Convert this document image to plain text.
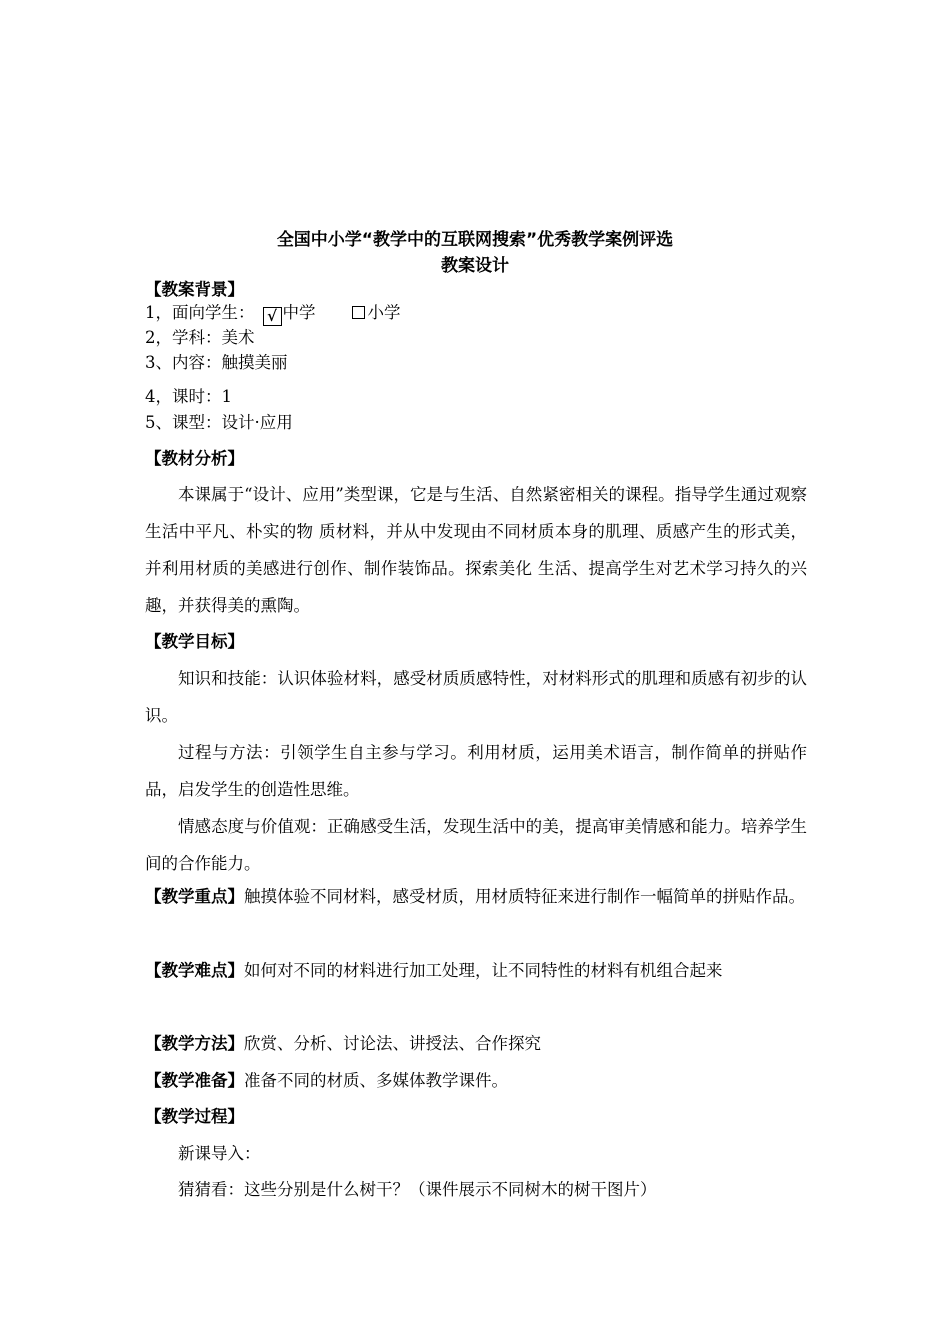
全国中小学“教学中的互联网搜索”优秀教学案例评选
教案设计
【教案背景】
1，面向学生： √ 中学	小学
2，学科：美术
3、内容：触摸美丽
4，课时：1
5、课型：设计·应用
【教材分析】
本课属于“设计、应用”类型课，它是与生活、自然紧密相关的课程。指导学生通过观察生活中平凡、朴实的物 质材料，并从中发现由不同材质本身的肌理、质感产生的形式美，并利用材质的美感进行创作、制作装饰品。探索美化 生活、提高学生对艺术学习持久的兴趣，并获得美的熏陶。
【教学目标】
知识和技能：认识体验材料，感受材质质感特性，对材料形式的肌理和质感有初步的认识。
过程与方法：引领学生自主参与学习。利用材质，运用美术语言，制作简单的拼贴作品，启发学生的创造性思维。
情感态度与价值观：正确感受生活，发现生活中的美，提高审美情感和能力。培养学生间的合作能力。
【教学重点】触摸体验不同材料，感受材质，用材质特征来进行制作一幅简单的拼贴作品。
【教学难点】如何对不同的材料进行加工处理，让不同特性的材料有机组合起来
【教学方法】欣赏、分析、讨论法、讲授法、合作探究
【教学准备】准备不同的材质、多媒体教学课件。
【教学过程】
新课导入：
猜猜看：这些分别是什么树干？（课件展示不同树木的树干图片）
